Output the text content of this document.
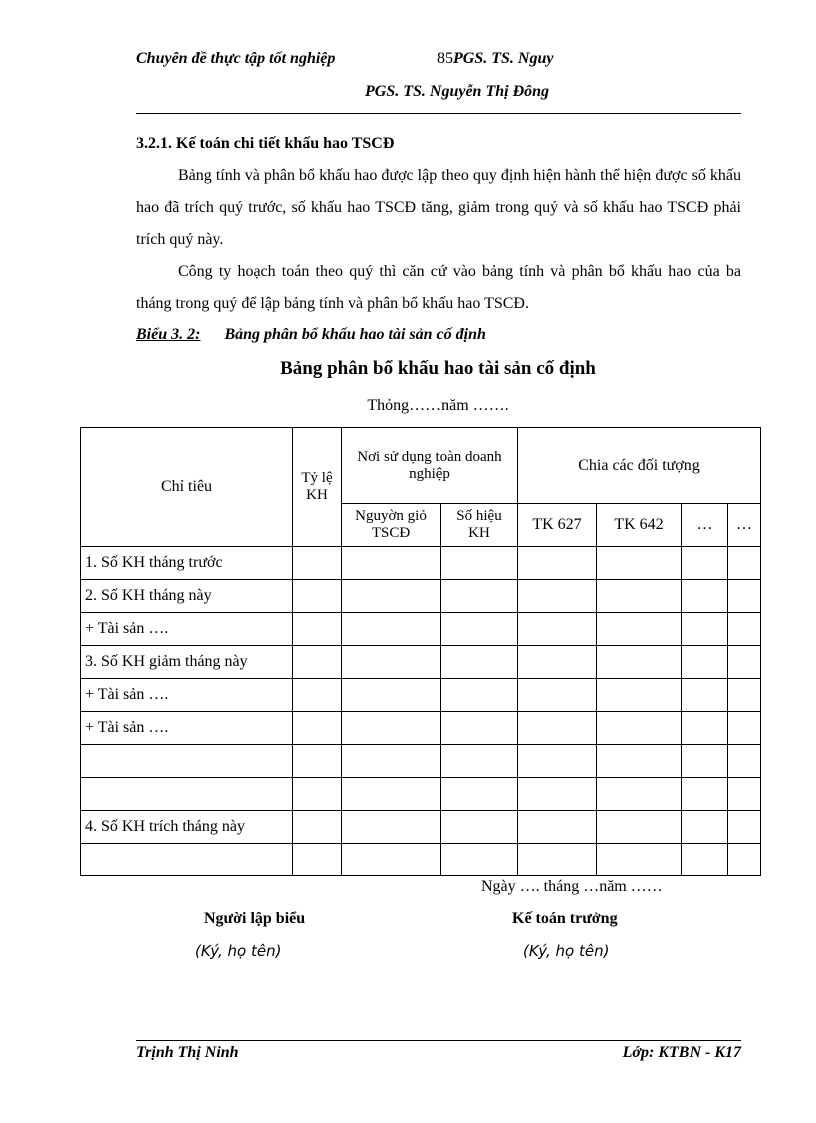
Chuyên đề thực tập tốt nghiệp	85PGS. TS. Nguy
PGS. TS. Nguyễn Thị Đông
3.2.1. Kế toán chi tiết khấu hao TSCĐ
Bảng tính và phân bổ khấu hao được lập theo quy định hiện hành thể hiện được số khấu hao đã trích quý trước, số khấu hao TSCĐ tăng, giảm trong quý và số khấu hao TSCĐ phải trích quý này.
Công ty hoạch toán theo quý thì căn cứ vào bảng tính và phân bổ khấu hao của ba tháng trong quý để lập bảng tính và phân bổ khấu hao TSCĐ.
Biểu 3. 2: Bảng phân bổ khấu hao tài sản cố định
Bảng phân bổ khấu hao tài sản cố định
Thỏng……năm …….
Chỉ tiêu	Tỷ lệ KH	Nơi sử dụng toàn doanh nghiệp		Chia các đối tượng			
		Nguyờn giỏ TSCĐ	Số hiệu KH	TK 627	TK 642	…	…
1. Số KH tháng trước							
2. Số KH tháng này							
+ Tài sản ….							
3. Số KH giảm tháng này							
+ Tài sản ….							
+ Tài sản ….							

4. Số KH trích tháng này							

Ngày …. tháng …năm ……
Người lập biểu
(Ký, họ tên)
Kế toán trưởng
(Ký, họ tên)
Trịnh Thị Ninh	Lớp: KTBN - K17
